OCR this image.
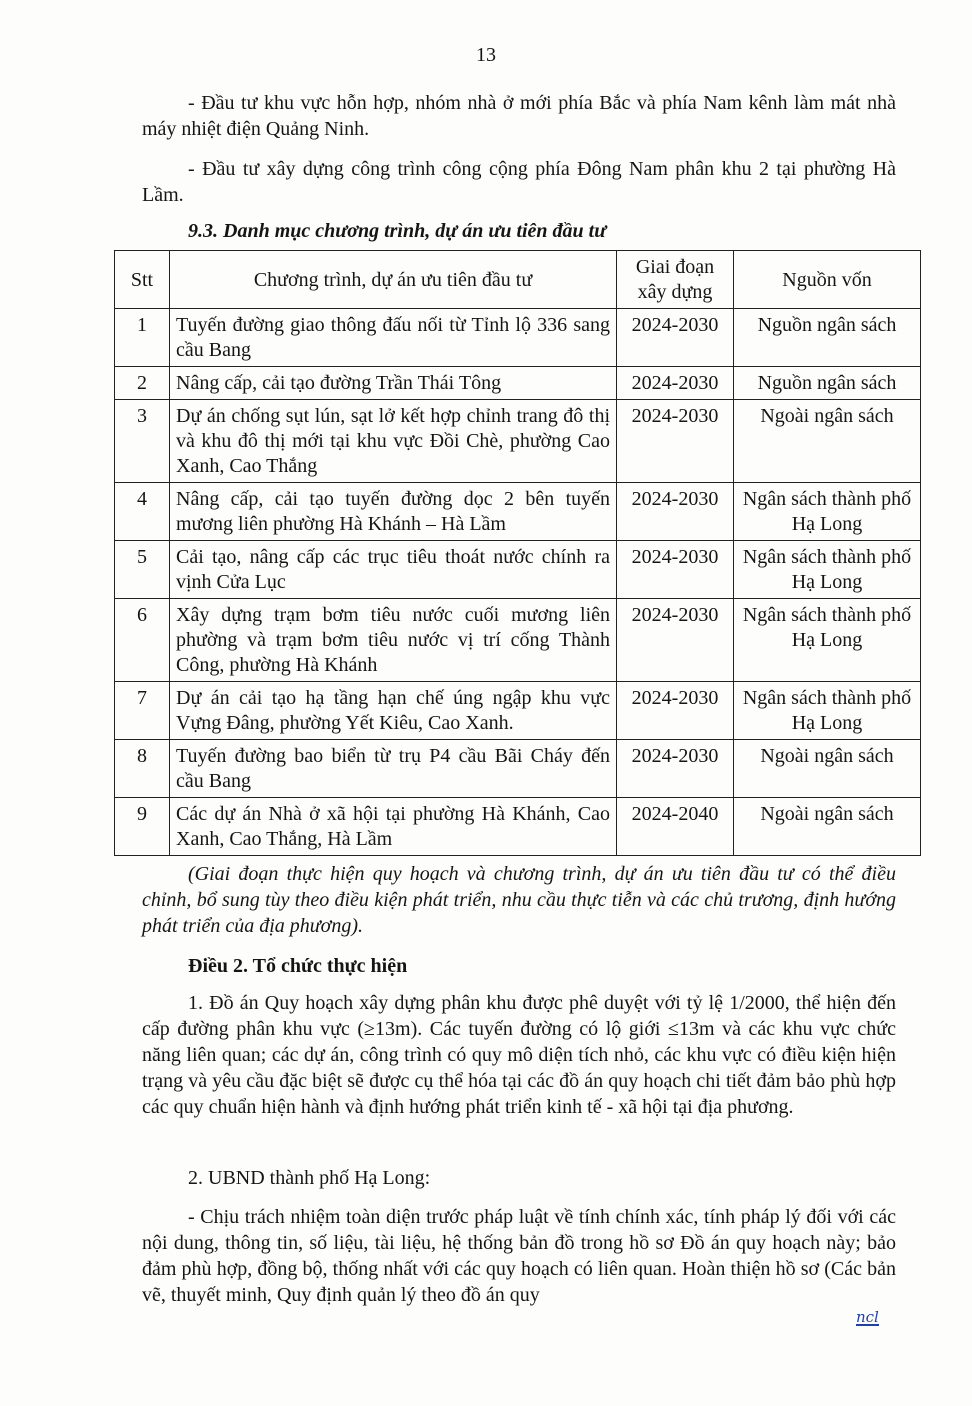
13

- Đầu tư khu vực hỗn hợp, nhóm nhà ở mới phía Bắc và phía Nam kênh làm mát nhà máy nhiệt điện Quảng Ninh.

- Đầu tư xây dựng công trình công cộng phía Đông Nam phân khu 2 tại phường Hà Lầm.

9.3. Danh mục chương trình, dự án ưu tiên đầu tư

Stt	Chương trình, dự án ưu tiên đầu tư	Giai đoạn xây dựng	Nguồn vốn
1	Tuyến đường giao thông đấu nối từ Tỉnh lộ 336 sang cầu Bang	2024-2030	Nguồn ngân sách
2	Nâng cấp, cải tạo đường Trần Thái Tông	2024-2030	Nguồn ngân sách
3	Dự án chống sụt lún, sạt lở kết hợp chỉnh trang đô thị và khu đô thị mới tại khu vực Đồi Chè, phường Cao Xanh, Cao Thắng	2024-2030	Ngoài ngân sách
4	Nâng cấp, cải tạo tuyến đường dọc 2 bên tuyến mương liên phường Hà Khánh – Hà Lầm	2024-2030	Ngân sách thành phố Hạ Long
5	Cải tạo, nâng cấp các trục tiêu thoát nước chính ra vịnh Cửa Lục	2024-2030	Ngân sách thành phố Hạ Long
6	Xây dựng trạm bơm tiêu nước cuối mương liên phường và trạm bơm tiêu nước vị trí cống Thành Công, phường Hà Khánh	2024-2030	Ngân sách thành phố Hạ Long
7	Dự án cải tạo hạ tầng hạn chế úng ngập khu vực Vựng Đâng, phường Yết Kiêu, Cao Xanh.	2024-2030	Ngân sách thành phố Hạ Long
8	Tuyến đường bao biển từ trụ P4 cầu Bãi Cháy đến cầu Bang	2024-2030	Ngoài ngân sách
9	Các dự án Nhà ở xã hội tại phường Hà Khánh, Cao Xanh, Cao Thắng, Hà Lầm	2024-2040	Ngoài ngân sách

(Giai đoạn thực hiện quy hoạch và chương trình, dự án ưu tiên đầu tư có thể điều chỉnh, bổ sung tùy theo điều kiện phát triển, nhu cầu thực tiễn và các chủ trương, định hướng phát triển của địa phương).

Điều 2. Tổ chức thực hiện

1. Đồ án Quy hoạch xây dựng phân khu được phê duyệt với tỷ lệ 1/2000, thể hiện đến cấp đường phân khu vực (≥13m). Các tuyến đường có lộ giới ≤13m và các khu vực chức năng liên quan; các dự án, công trình có quy mô diện tích nhỏ, các khu vực có điều kiện hiện trạng và yêu cầu đặc biệt sẽ được cụ thể hóa tại các đồ án quy hoạch chi tiết đảm bảo phù hợp các quy chuẩn hiện hành và định hướng phát triển kinh tế - xã hội tại địa phương.

2. UBND thành phố Hạ Long:

- Chịu trách nhiệm toàn diện trước pháp luật về tính chính xác, tính pháp lý đối với các nội dung, thông tin, số liệu, tài liệu, hệ thống bản đồ trong hồ sơ Đồ án quy hoạch này; bảo đảm phù hợp, đồng bộ, thống nhất với các quy hoạch có liên quan. Hoàn thiện hồ sơ (Các bản vẽ, thuyết minh, Quy định quản lý theo đồ án quy

ncl
